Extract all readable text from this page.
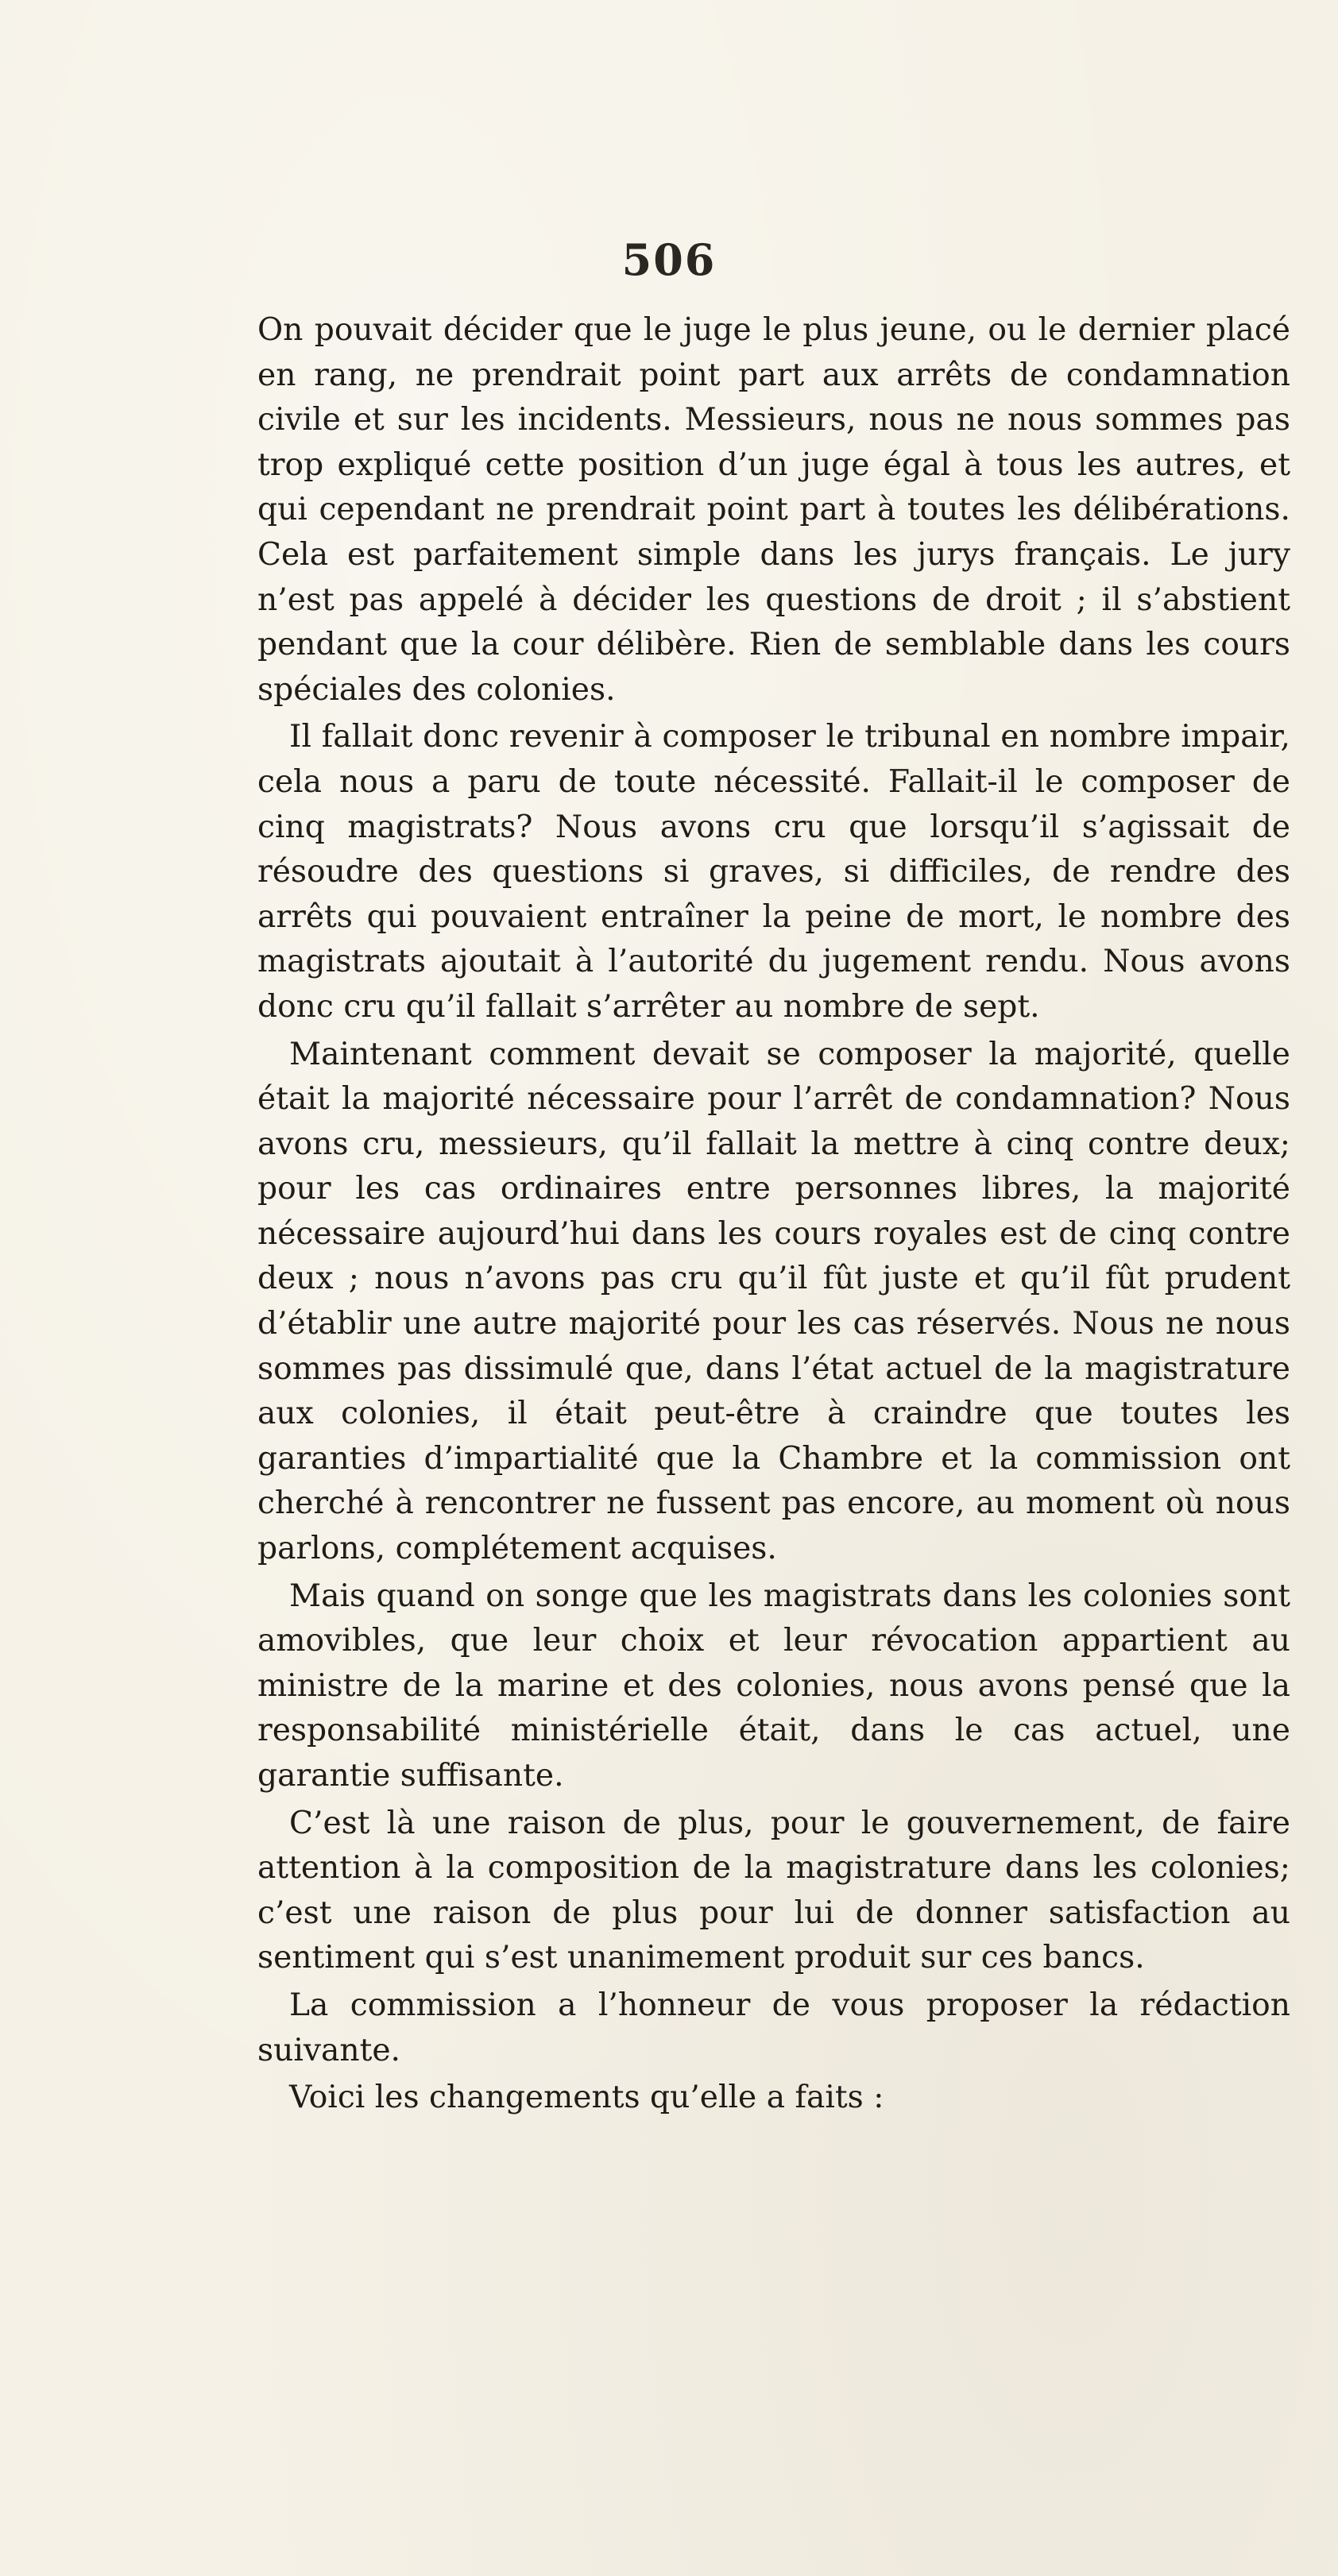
506

On pouvait décider que le juge le plus jeune, ou le dernier placé en rang, ne prendrait point part aux arrêts de condamnation civile et sur les incidents. Messieurs, nous ne nous sommes pas trop expliqué cette position d’un juge égal à tous les autres, et qui cependant ne prendrait point part à toutes les délibérations. Cela est parfaitement simple dans les jurys français. Le jury n’est pas appelé à décider les questions de droit ; il s’abstient pendant que la cour délibère. Rien de semblable dans les cours spéciales des colonies.

Il fallait donc revenir à composer le tribunal en nombre impair, cela nous a paru de toute nécessité. Fallait-il le composer de cinq magistrats? Nous avons cru que lorsqu’il s’agissait de résoudre des questions si graves, si difficiles, de rendre des arrêts qui pouvaient entraîner la peine de mort, le nombre des magistrats ajoutait à l’autorité du jugement rendu. Nous avons donc cru qu’il fallait s’arrêter au nombre de sept.

Maintenant comment devait se composer la majorité, quelle était la majorité nécessaire pour l’arrêt de condamnation? Nous avons cru, messieurs, qu’il fallait la mettre à cinq contre deux; pour les cas ordinaires entre personnes libres, la majorité nécessaire aujourd’hui dans les cours royales est de cinq contre deux ; nous n’avons pas cru qu’il fût juste et qu’il fût prudent d’établir une autre majorité pour les cas réservés. Nous ne nous sommes pas dissimulé que, dans l’état actuel de la magistrature aux colonies, il était peut-être à craindre que toutes les garanties d’impartialité que la Chambre et la commission ont cherché à rencontrer ne fussent pas encore, au moment où nous parlons, complétement acquises.

Mais quand on songe que les magistrats dans les colonies sont amovibles, que leur choix et leur révocation appartient au ministre de la marine et des colonies, nous avons pensé que la responsabilité ministérielle était, dans le cas actuel, une garantie suffisante.

C’est là une raison de plus, pour le gouvernement, de faire attention à la composition de la magistrature dans les colonies; c’est une raison de plus pour lui de donner satisfaction au sentiment qui s’est unanimement produit sur ces bancs.

La commission a l’honneur de vous proposer la rédaction suivante.

Voici les changements qu’elle a faits :
